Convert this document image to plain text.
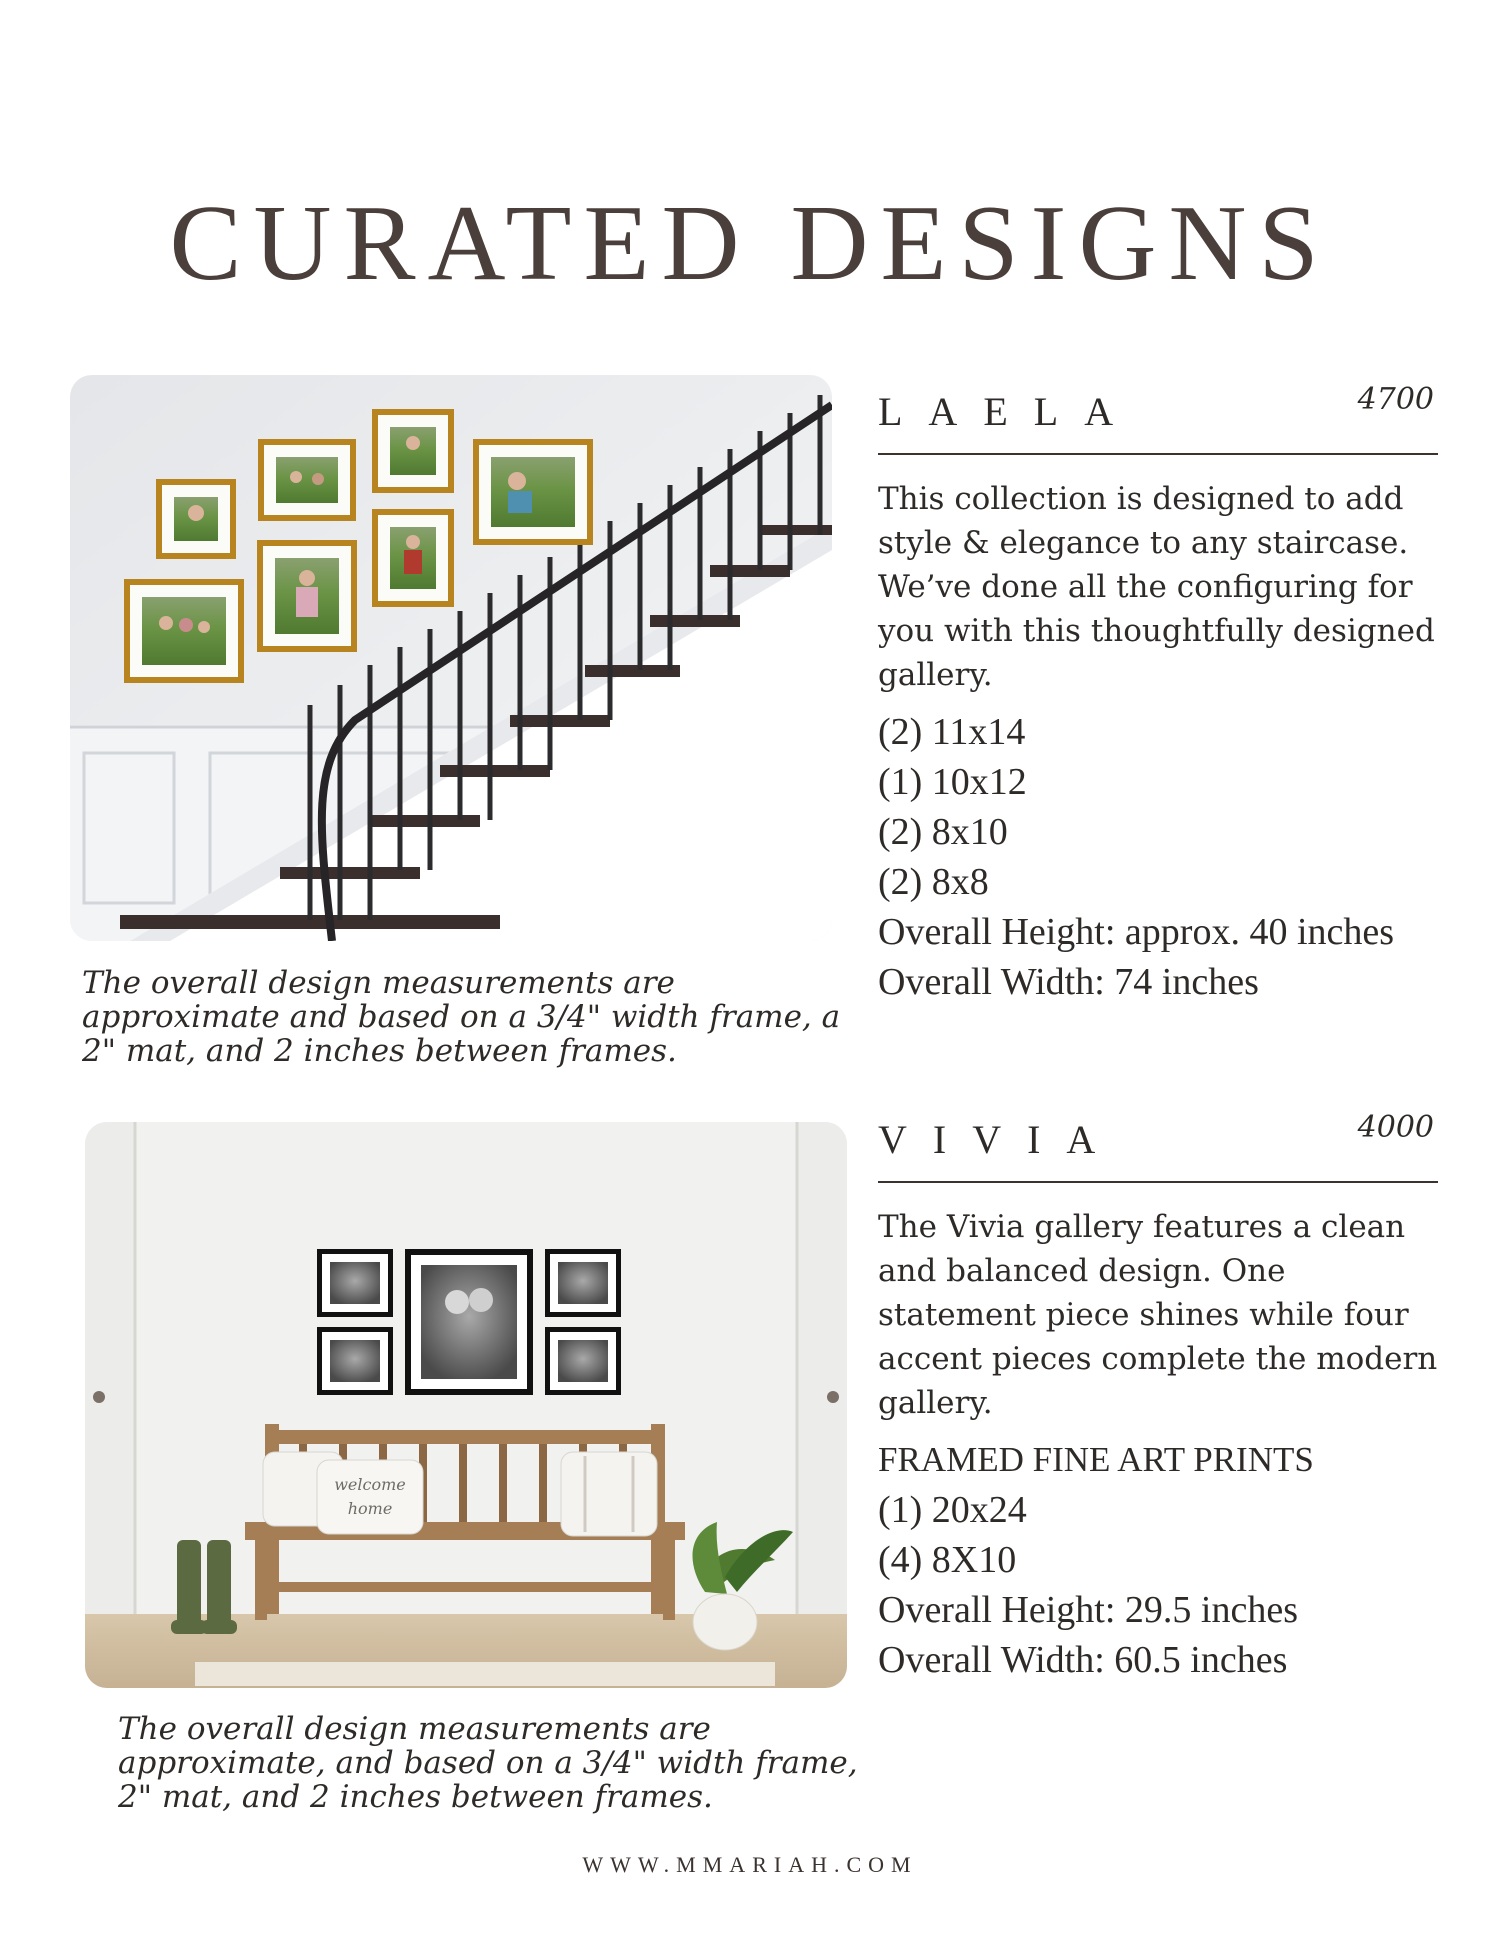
CURATED DESIGNS

The overall design measurements are approximate and based on a 3/4" width frame, a 2" mat, and 2 inches between frames.

LAELA	4700

This collection is designed to add style & elegance to any staircase. We’ve done all the configuring for you with this thoughtfully designed gallery.

(2) 11x14
(1) 10x12
(2) 8x10
(2) 8x8
Overall Height: approx. 40 inches
Overall Width: 74 inches
welcome
home

The overall design measurements are approximate, and based on a 3/4" width frame, 2" mat, and 2 inches between frames.

VIVIA	4000

The Vivia gallery features a clean and balanced design. One statement piece shines while four accent pieces complete the modern gallery.

FRAMED FINE ART PRINTS
(1) 20x24
(4) 8X10
Overall Height: 29.5 inches
Overall Width: 60.5 inches
WWW.MMARIAH.COM
